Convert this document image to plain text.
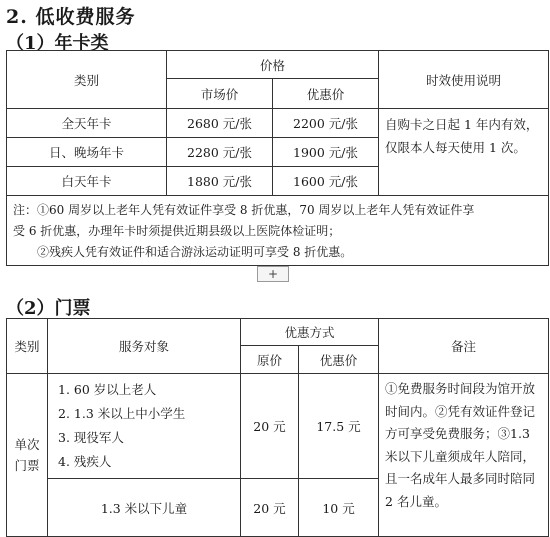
2. 低收费服务
（1）年卡类
类别	价格		时效使用说明
	市场价	优惠价	
全天年卡	2680 元/张	2200 元/张	自购卡之日起 1 年内有效，仅限本人每天使用 1 次。
日、晚场年卡	2280 元/张	1900 元/张	
白天年卡	1880 元/张	1600 元/张	

注：①60 周岁以上老年人凭有效证件享受 8 折优惠，70 周岁以上老年人凭有效证件享
受 6 折优惠，办理年卡时须提供近期县级以上医院体检证明；
②残疾人凭有效证件和适合游泳运动证明可享受 8 折优惠。			
+
（2）门票
类别	服务对象	优惠方式		备注
		原价	优惠价	
单次门票	1. 60 岁以上老人
2. 1.3 米以上中小学生
3. 现役军人
4. 残疾人	20 元	17.5 元	①免费服务时间段为馆开放时间内。②凭有效证件登记方可享受免费服务；③1.3 米以下儿童须成年人陪同，且一名成年人最多同时陪同 2 名儿童。
	1.3 米以下儿童	20 元	10 元	
